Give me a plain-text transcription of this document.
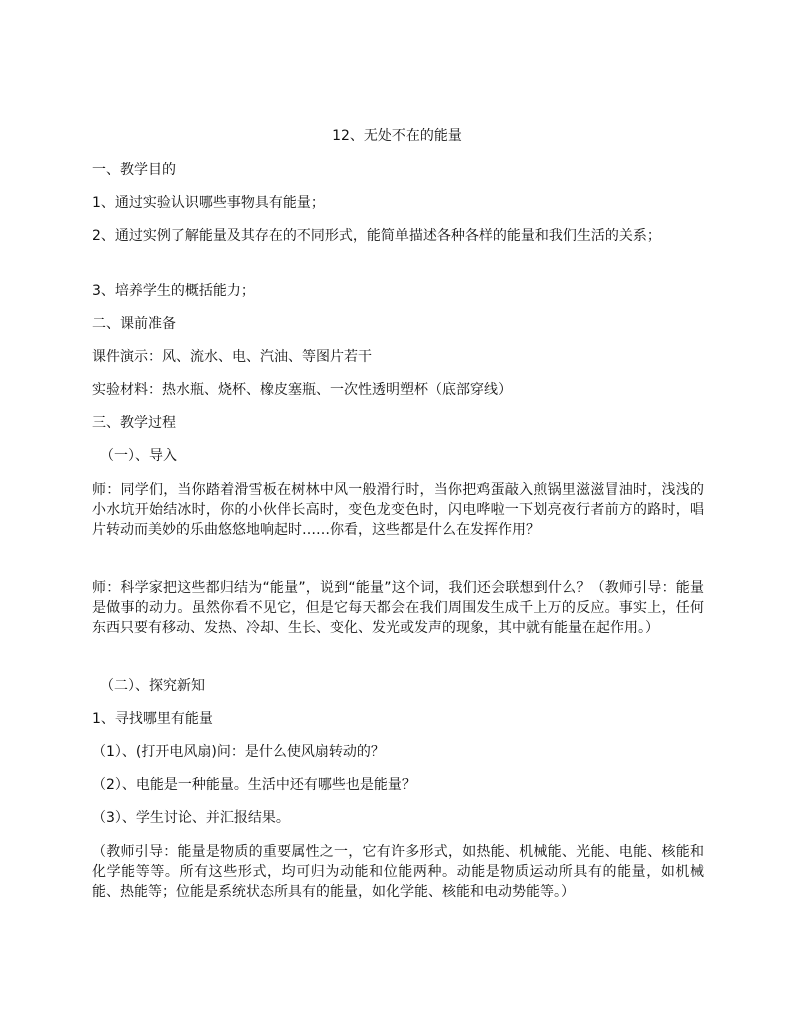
12、无处不在的能量

一、教学目的

1、通过实验认识哪些事物具有能量；

2、通过实例了解能量及其存在的不同形式，能简单描述各种各样的能量和我们生活的关系；

3、培养学生的概括能力；

二、课前准备

课件演示：风、流水、电、汽油、等图片若干

实验材料：热水瓶、烧杯、橡皮塞瓶、一次性透明塑杯（底部穿线）

三、教学过程

（一）、导入

师：同学们，当你踏着滑雪板在树林中风一般滑行时，当你把鸡蛋敲入煎锅里滋滋冒油时，浅浅的小水坑开始结冰时，你的小伙伴长高时，变色龙变色时，闪电哗啦一下划亮夜行者前方的路时，唱片转动而美妙的乐曲悠悠地响起时……你看，这些都是什么在发挥作用？

师：科学家把这些都归结为“能量”，说到“能量”这个词，我们还会联想到什么？（教师引导：能量是做事的动力。虽然你看不见它，但是它每天都会在我们周围发生成千上万的反应。事实上，任何东西只要有移动、发热、冷却、生长、变化、发光或发声的现象，其中就有能量在起作用。）

（二）、探究新知

1、寻找哪里有能量

（1）、(打开电风扇)问：是什么使风扇转动的？

（2）、电能是一种能量。生活中还有哪些也是能量？

（3）、学生讨论、并汇报结果。

（教师引导：能量是物质的重要属性之一，它有许多形式，如热能、机械能、光能、电能、核能和化学能等等。所有这些形式，均可归为动能和位能两种。动能是物质运动所具有的能量，如机械能、热能等；位能是系统状态所具有的能量，如化学能、核能和电动势能等。）
